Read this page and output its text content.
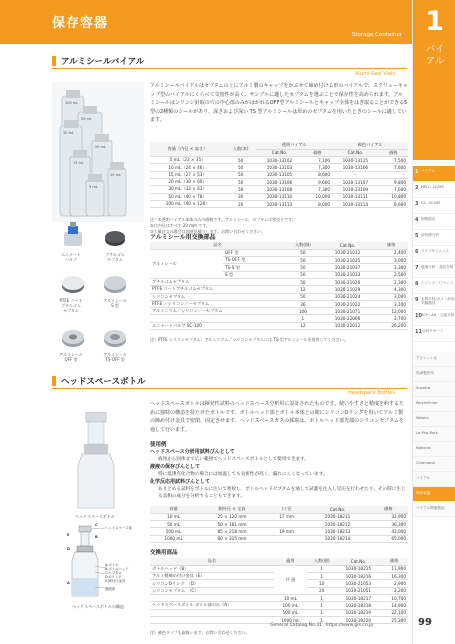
保存容器
Storage Container 1
バイアル
1 バイアル
2 HPLC, LC/MS
3 GC, GC/MS
4 固相抽出
5 前処理分析
6 ライフサイエンス
7 環境分析・食品分析
8 シリンジ・ピペット
9 水質分析/ガス・汎用実験器具
10 ICP・AA・元素分析
11 分析サポート
アジレント社
島津製作所
Supelco
PerkinElmer
Waters
La-Pha-Pack
National
Chromacol
バイアル
保存容器
バイアル関連製品
アルミシールバイアル
Alumi-Seal Vials
100 mL
50 mL
30 mL
20 mL
15 mL
10 mL
5 mL
エニナート
バルブ
ブチルゴム
セプタム
PTFE コート
ブチルゴム
セプタム
アルミシール
S 型
アルミシール
OFF 型
アルミシール
TS-OFF 型
アルミシールバイアルはセプタムの上にアルミ製のキャップをかぶせて締め付ける形のバイアルで、スクリューキャップ型のバイアルにくらべて気密性が高く、サンプルに適したセプタムを選ぶことで保存性を高められます。アルミシールはシリンジ針取の穴の中心部のみがはがれるOFF型アルミシールとキャップ全体をはぎ取ることができる5型の2種類のシールがあり、深さおよび深い TS 型アルミシールは厚めのセプタムを用いたときのシールに適しています。
容量（内径 × 高さ）	入数(本)	透明バイアル		褐色バイアル	
		Cat.No.	価格	Cat.No.	価格
5 mL（23 × 35）	50	1030-13102	7,100	1030-13115	7,500
10 mL（24 × 46）	50	1030-13103	7,300	1030-13106	7,600
15 mL（27 × 53）	50	1030-13105	8,600	－	－
20 mL（30 × 60）	50	1030-13106	9,600	1030-13107	9,800
30 mL（33 × 63）	50	1030-13108	7,300	1030-13109	7,600
50 mL（40 × 78）	30	1030-13110	10,000	1030-13111	10,800
100 mL（40 × 128）	20	1030-13113	8,000	1030-13114	8,600
注）①透明バイアル本体のみの価格です。アルミシール、セプタムは別売りです。
②口内径はすべて 20 mm です。
③大量注文の場合は別途見積りします。お問い合わせください。
アルミシール用交換部品
品名		入数(個)	Cat.No.	価格
アルミシール	OFF 型	50	1030-21032	2,400
	TS-OFF 型	50	1030-21035	3,000
	TS-S 型	50	1030-21037	3,300
	S 型	50	1030-21033	2,500
ブチルゴムセプタム		50	1030-21026	2,300
PTFE コートブチルゴムセプタム		12	1030-21029	4,300
シリコンセプタム		50	1030-21024	3,000
PTFE ／シリコン／ーセプタム		36	1030-21022	3,100
アルミニウム／シリコン／ーセプタム		100	1030-21071	12,000
		1	1030-22006	3,700
エニナートバルブ SC-100		12	1030-22012	26,200
注）PTFE シリコンセプタム、アルミニウム／シリコンセプタムには TS-型アルミシールを使用してください。
ヘッドスペースボトル
Headspace Bottles
ヘッドスペースボトルは揮発性試料のヘッドスペース分析用に設計されたものです。使いやすさと精度を約するために独特の構造を持たせたボトルです。ボトルヘッド部とボトル本体との間にシリコンOリングを用いてアルミ製の締め付け金具で密閉、固定させます。ヘッドスペースガスの採取は、ボトルヘッド部先端のシリコンセプタムを通して行います。
ヘッドスペースボトル
ヘッドスペース部
A:ボトル
B:ボトルヘッド
C:セプタム
D:Oリング
E:締付け金具
固液部
E
D
A
B
C
ヘッドスペースボトルの構造
使用例
ヘッドスペース分析用試料びんとして
液体から固体まで広い範囲でヘッドスペースボトルとして使用できます。
液液の保存びんとして
特に低沸点化合物の場合には加温しても気密性が高く、漏れにくくなっています。
化学反応用試料びんとして
ありとめる試料をボトルに注いて密栓し、ボトルヘッドセプタムを通して試薬を注入し反応を行わせたり、その時に生じる気相の成分を分析することもできます。
容量	胴外径 × 全高	口 径	Cat.No.	価格
10 mL	25 × 120 mm	17 mm	1030-18211	32,900
50 mL	50 × 161 mm		1030-18212	36,300
500 mL	85 × 218 mm	19 mm	1030-18213	43,000
1000 mL	80 × 315 mm		1030-18214	65,000
交換用部品
品名	適用	入数(個)	Cat.No.	価格
ボトルヘッド（B）	共 通	1	1030-18215	11,900
アルミ製締め付け金具（E）		1	1030-18216	16,300
シリコンOリング　（D）		10	1030-21053	2,900
シリコンセプタム　（C）		20	1030-21051	2,200
	10 mL	1	1030-18217	10,700
ヘッドスペースボトル ボトル部のみ（A）	100 mL	1	1030-18218	14,900
	500 mL	1	1030-18219	22,100
	1000 mL	1	1030-18220	25,300
注）補色タイプも取扱います。お問い合わせください。
General Catalog No.31 https://www.gls.co.jp	99
